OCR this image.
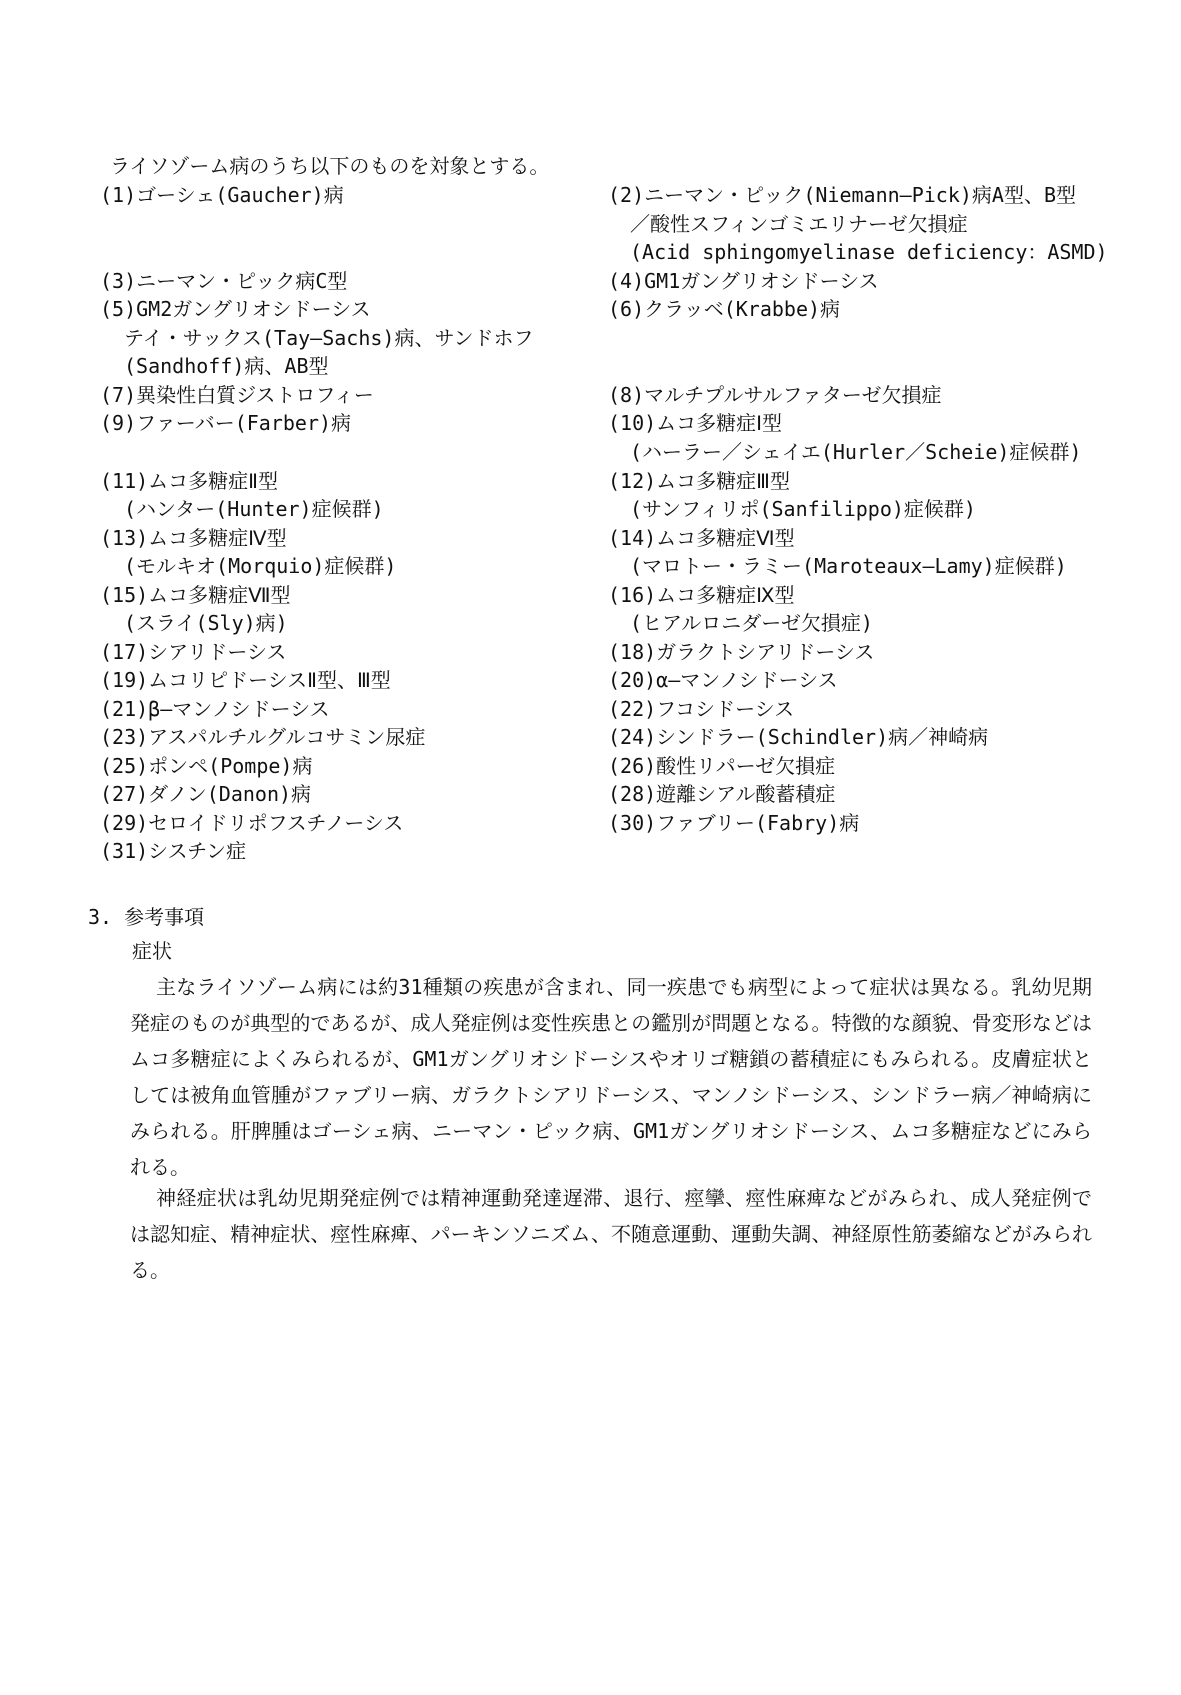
ライソゾーム病のうち以下のものを対象とする。
(1)ゴーシェ(Gaucher)病
(3)ニーマン・ピック病C型
(5)GM2ガングリオシドーシス
テイ・サックス(Tay―Sachs)病、サンドホフ
(Sandhoff)病、AB型
(7)異染性白質ジストロフィー
(9)ファーバー(Farber)病
(11)ムコ多糖症Ⅱ型
(ハンター(Hunter)症候群)
(13)ムコ多糖症Ⅳ型
(モルキオ(Morquio)症候群)
(15)ムコ多糖症Ⅶ型
(スライ(Sly)病)
(17)シアリドーシス
(19)ムコリピドーシスⅡ型、Ⅲ型
(21)β―マンノシドーシス
(23)アスパルチルグルコサミン尿症
(25)ポンペ(Pompe)病
(27)ダノン(Danon)病
(29)セロイドリポフスチノーシス
(31)シスチン症
(2)ニーマン・ピック(Niemann―Pick)病A型、B型
／酸性スフィンゴミエリナーゼ欠損症
(Acid sphingomyelinase deficiency：ASMD)
(4)GM1ガングリオシドーシス
(6)クラッベ(Krabbe)病
(8)マルチプルサルファターゼ欠損症
(10)ムコ多糖症Ⅰ型
(ハーラー／シェイエ(Hurler／Scheie)症候群)
(12)ムコ多糖症Ⅲ型
(サンフィリポ(Sanfilippo)症候群)
(14)ムコ多糖症Ⅵ型
(マロトー・ラミー(Maroteaux―Lamy)症候群)
(16)ムコ多糖症Ⅸ型
(ヒアルロニダーゼ欠損症)
(18)ガラクトシアリドーシス
(20)α―マンノシドーシス
(22)フコシドーシス
(24)シンドラー(Schindler)病／神崎病
(26)酸性リパーゼ欠損症
(28)遊離シアル酸蓄積症
(30)ファブリー(Fabry)病
3. 参考事項
症状
主なライソゾーム病には約31種類の疾患が含まれ、同一疾患でも病型によって症状は異なる。乳幼児期発症のものが典型的であるが、成人発症例は変性疾患との鑑別が問題となる。特徴的な顔貌、骨変形などはムコ多糖症によくみられるが、GM1ガングリオシドーシスやオリゴ糖鎖の蓄積症にもみられる。皮膚症状としては被角血管腫がファブリー病、ガラクトシアリドーシス、マンノシドーシス、シンドラー病／神崎病にみられる。肝脾腫はゴーシェ病、ニーマン・ピック病、GM1ガングリオシドーシス、ムコ多糖症などにみられる。
神経症状は乳幼児期発症例では精神運動発達遅滞、退行、痙攣、痙性麻痺などがみられ、成人発症例では認知症、精神症状、痙性麻痺、パーキンソニズム、不随意運動、運動失調、神経原性筋萎縮などがみられる。
